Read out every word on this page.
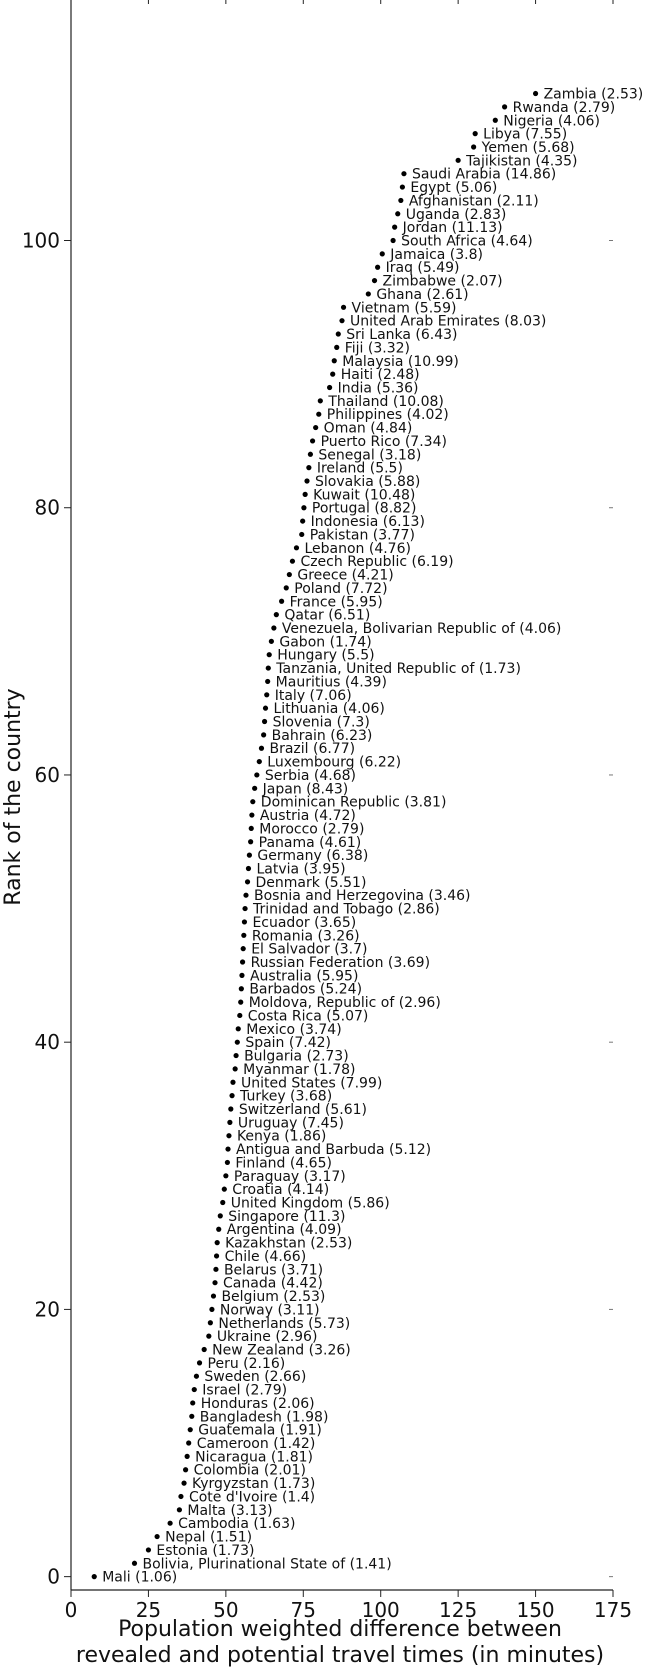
0	25	50	75 100 125 150 175
0
20
40
60
80
100
Mali (1.06)
Bolivia, Plurinational State of (1.41)
Estonia (1.73)
Nepal (1.51)
Cambodia (1.63)
Malta (3.13)
Cote d'Ivoire (1.4)
Kyrgyzstan (1.73)
Colombia (2.01)
Nicaragua (1.81)
Cameroon (1.42)
Guatemala (1.91)
Bangladesh (1.98)
Honduras (2.06)
Israel (2.79)
Sweden (2.66)
Peru (2.16)
New Zealand (3.26)
Ukraine (2.96)
Netherlands (5.73)
Norway (3.11)
Belgium (2.53)
Canada (4.42)
Belarus (3.71)
Chile (4.66)
Kazakhstan (2.53)
Argentina (4.09)
Singapore (11.3)
United Kingdom (5.86)
Croatia (4.14)
Paraguay (3.17)
Finland (4.65)
Antigua and Barbuda (5.12)
Kenya (1.86)
Uruguay (7.45)
Switzerland (5.61)
Turkey (3.68)
United States (7.99)
Myanmar (1.78)
Bulgaria (2.73)
Spain (7.42)
Mexico (3.74)
Costa Rica (5.07)
Moldova, Republic of (2.96)
Barbados (5.24)
Australia (5.95)
Russian Federation (3.69)
El Salvador (3.7)
Romania (3.26)
Ecuador (3.65)
Trinidad and Tobago (2.86)
Bosnia and Herzegovina (3.46)
Denmark (5.51)
Latvia (3.95)
Germany (6.38)
Panama (4.61)
Morocco (2.79)
Austria (4.72)
Dominican Republic (3.81)
Japan (8.43)
Serbia (4.68)
Luxembourg (6.22)
Brazil (6.77)
Bahrain (6.23)
Slovenia (7.3)
Lithuania (4.06)
Italy (7.06)
Mauritius (4.39)
Tanzania, United Republic of (1.73)
Hungary (5.5)
Gabon (1.74)
Venezuela, Bolivarian Republic of (4.06)
Qatar (6.51)
France (5.95)
Poland (7.72)
Greece (4.21)
Czech Republic (6.19)
Lebanon (4.76)
Pakistan (3.77)
Indonesia (6.13)
Portugal (8.82)
Kuwait (10.48)
Slovakia (5.88)
Ireland (5.5)
Senegal (3.18)
Puerto Rico (7.34)
Oman (4.84)
Philippines (4.02)
Thailand (10.08)
India (5.36)
Haiti (2.48)
Malaysia (10.99)
Fiji (3.32)
Sri Lanka (6.43)
United Arab Emirates (8.03)
Vietnam (5.59)
Ghana (2.61)
Zimbabwe (2.07)
Iraq (5.49)
Jamaica (3.8)
South Africa (4.64)
Jordan (11.13)
Uganda (2.83)
Afghanistan (2.11)
Egypt (5.06)
Saudi Arabia (14.86)
Tajikistan (4.35)
Yemen (5.68)
Libya (7.55)
Nigeria (4.06)
Rwanda (2.79)
Zambia (2.53)
Rank of the country
Population weighted difference between
revealed and potential travel times (in minutes)
